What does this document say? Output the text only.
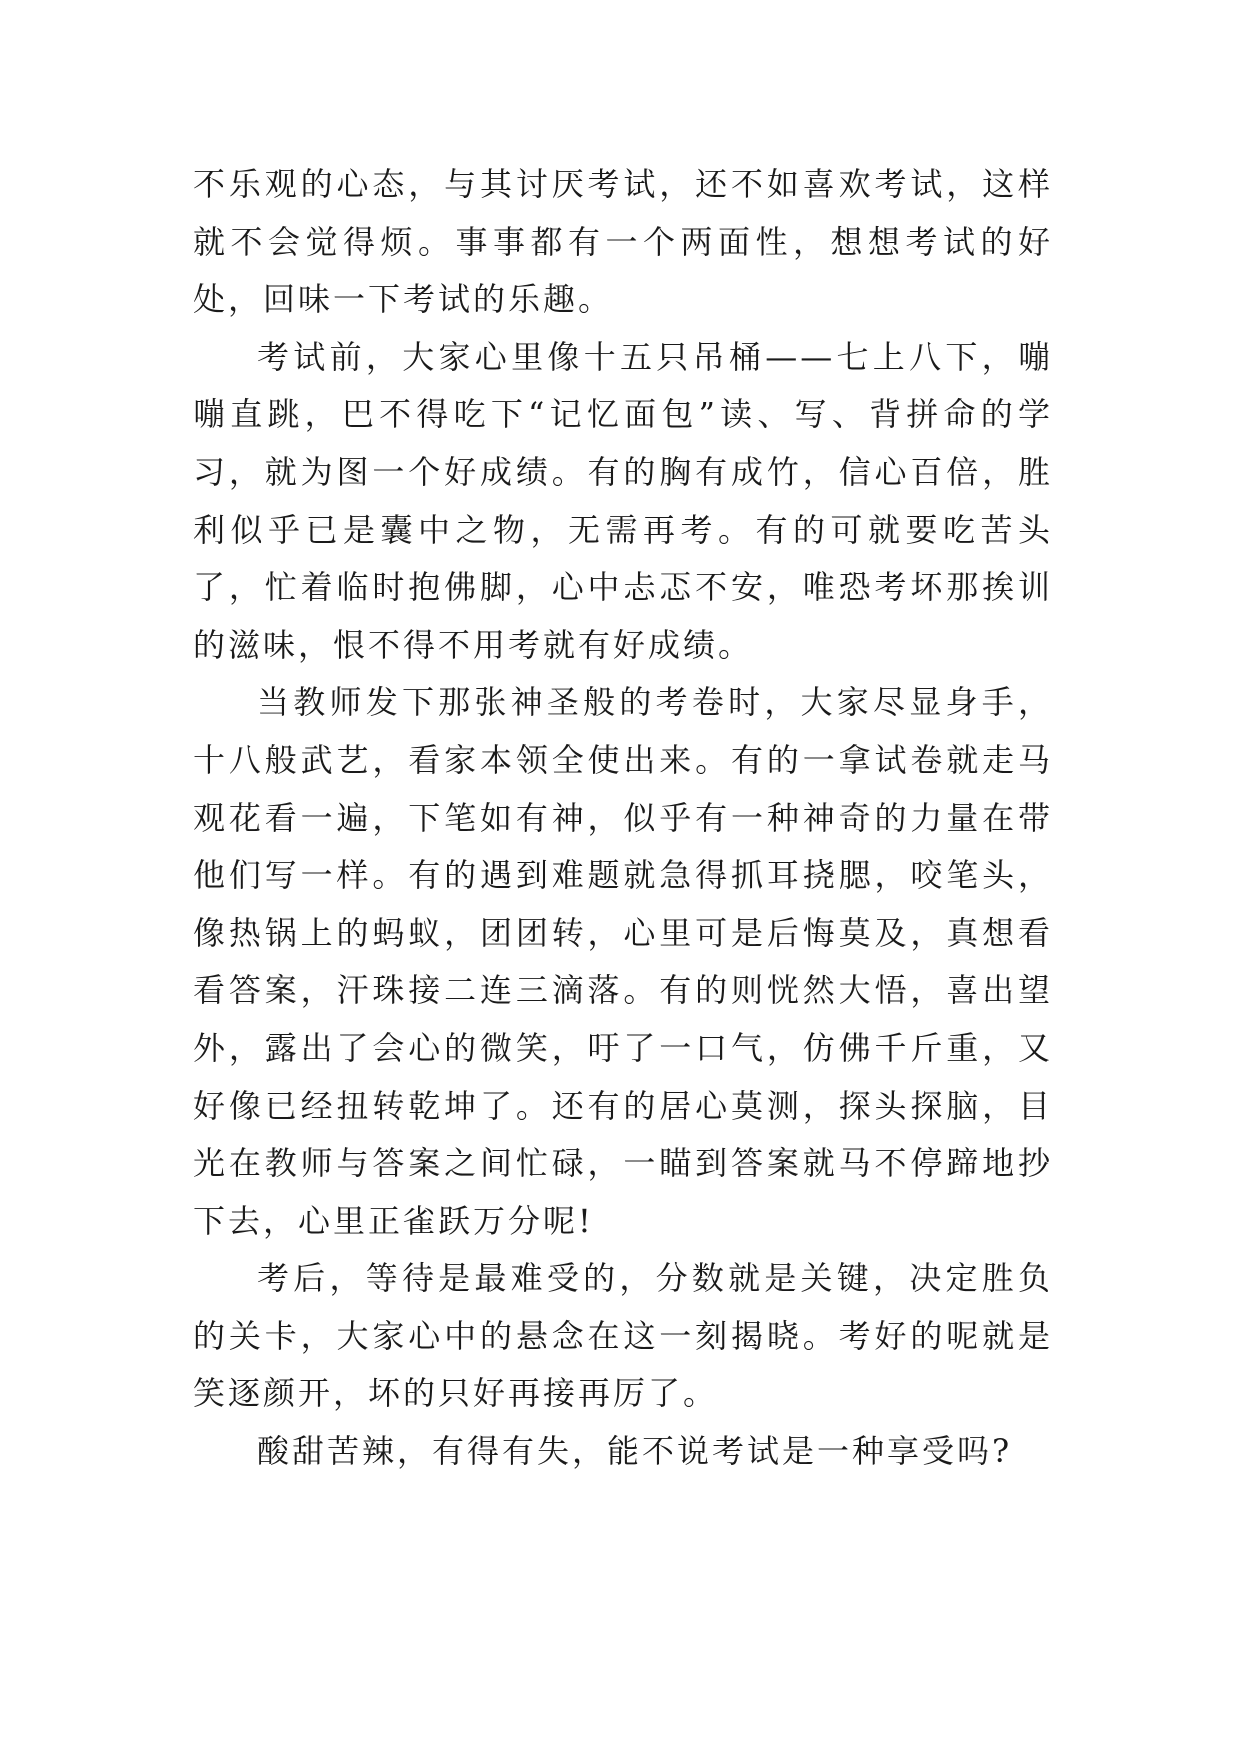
不乐观的心态，与其讨厌考试，还不如喜欢考试，这样就不会觉得烦。事事都有一个两面性，想想考试的好处，回味一下考试的乐趣。

考试前，大家心里像十五只吊桶——七上八下，嘣嘣直跳，巴不得吃下“记忆面包”读、写、背拼命的学习，就为图一个好成绩。有的胸有成竹，信心百倍，胜利似乎已是囊中之物，无需再考。有的可就要吃苦头了，忙着临时抱佛脚，心中忐忑不安，唯恐考坏那挨训的滋味，恨不得不用考就有好成绩。

当教师发下那张神圣般的考卷时，大家尽显身手，十八般武艺，看家本领全使出来。有的一拿试卷就走马观花看一遍，下笔如有神，似乎有一种神奇的力量在带他们写一样。有的遇到难题就急得抓耳挠腮，咬笔头，像热锅上的蚂蚁，团团转，心里可是后悔莫及，真想看看答案，汗珠接二连三滴落。有的则恍然大悟，喜出望外，露出了会心的微笑，吁了一口气，仿佛千斤重，又好像已经扭转乾坤了。还有的居心莫测，探头探脑，目光在教师与答案之间忙碌，一瞄到答案就马不停蹄地抄下去，心里正雀跃万分呢!

考后，等待是最难受的，分数就是关键，决定胜负的关卡，大家心中的悬念在这一刻揭晓。考好的呢就是笑逐颜开，坏的只好再接再厉了。

酸甜苦辣，有得有失，能不说考试是一种享受吗?
